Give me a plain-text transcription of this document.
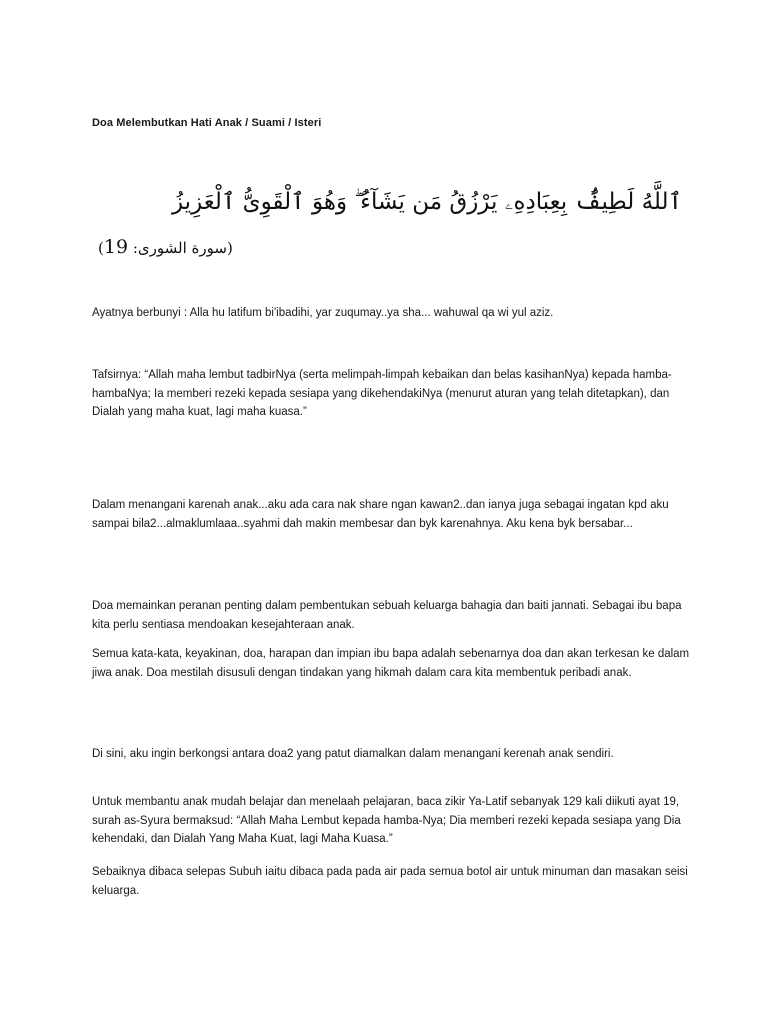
Doa Melembutkan Hati Anak / Suami / Isteri
ٱللَّهُ لَطِيفٌۢ بِعِبَادِهِۦ يَرْزُقُ مَن يَشَآءُ ۖ وَهُوَ ٱلْقَوِىُّ ٱلْعَزِيزُ
(سورة الشورى: 19)

Ayatnya berbunyi : Alla hu latifum bi'ibadihi, yar zuqumay..ya sha... wahuwal qa wi yul aziz.

Tafsirnya: “Allah maha lembut tadbirNya (serta melimpah-limpah kebaikan dan belas kasihanNya) kepada hamba-hambaNya; Ia memberi rezeki kepada sesiapa yang dikehendakiNya (menurut aturan yang telah ditetapkan), dan Dialah yang maha kuat, lagi maha kuasa.”

Dalam menangani karenah anak...aku ada cara nak share ngan kawan2..dan ianya juga sebagai ingatan kpd aku sampai bila2...almaklumlaaa..syahmi dah makin membesar dan byk karenahnya. Aku kena byk bersabar...

Doa memainkan peranan penting dalam pembentukan sebuah keluarga bahagia dan baiti jannati. Sebagai ibu bapa kita perlu sentiasa mendoakan kesejahteraan anak.

Semua kata-kata, keyakinan, doa, harapan dan impian ibu bapa adalah sebenarnya doa dan akan terkesan ke dalam jiwa anak. Doa mestilah disusuli dengan tindakan yang hikmah dalam cara kita membentuk peribadi anak.

Di sini, aku ingin berkongsi antara doa2 yang patut diamalkan dalam menangani kerenah anak sendiri.

Untuk membantu anak mudah belajar dan menelaah pelajaran, baca zikir Ya-Latif sebanyak 129 kali diikuti ayat 19, surah as-Syura bermaksud: “Allah Maha Lembut kepada hamba-Nya; Dia memberi rezeki kepada sesiapa yang Dia kehendaki, dan Dialah Yang Maha Kuat, lagi Maha Kuasa.”

Sebaiknya dibaca selepas Subuh iaitu dibaca pada pada air pada semua botol air untuk minuman dan masakan seisi keluarga.
